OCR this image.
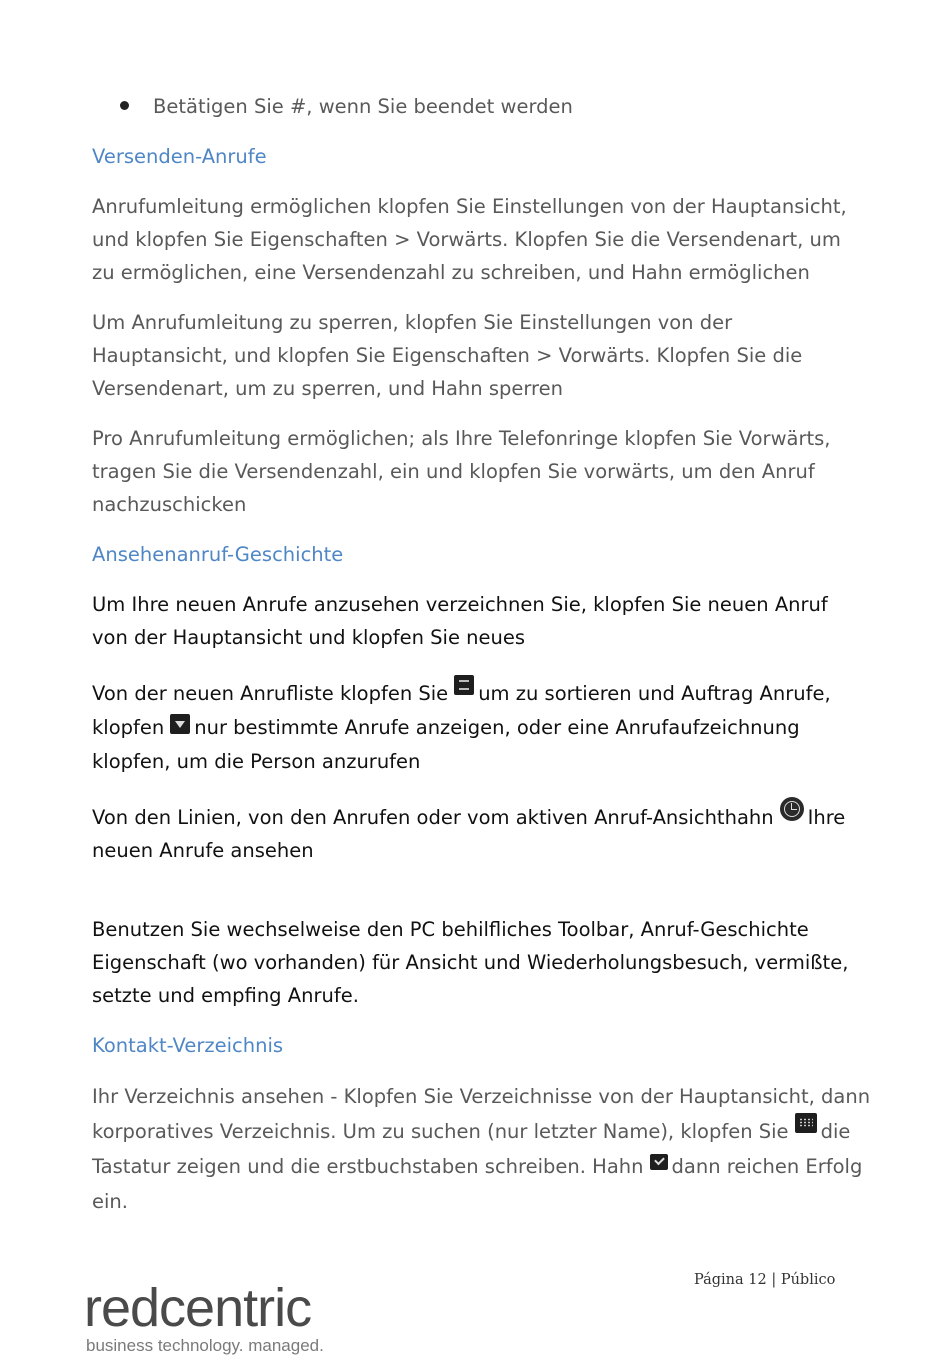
Betätigen Sie #, wenn Sie beendet werden
Versenden-Anrufe
Anrufumleitung ermöglichen klopfen Sie Einstellungen von der Hauptansicht,
und klopfen Sie Eigenschaften > Vorwärts. Klopfen Sie die Versendenart, um
zu ermöglichen, eine Versendenzahl zu schreiben, und Hahn ermöglichen
Um Anrufumleitung zu sperren, klopfen Sie Einstellungen von der
Hauptansicht, und klopfen Sie Eigenschaften > Vorwärts. Klopfen Sie die
Versendenart, um zu sperren, und Hahn sperren
Pro Anrufumleitung ermöglichen; als Ihre Telefonringe klopfen Sie Vorwärts,
tragen Sie die Versendenzahl, ein und klopfen Sie vorwärts, um den Anruf
nachzuschicken
Ansehenanruf-Geschichte
Um Ihre neuen Anrufe anzusehen verzeichnen Sie, klopfen Sie neuen Anruf
von der Hauptansicht und klopfen Sie neues
Von der neuen Anrufliste klopfen Sie um zu sortieren und Auftrag Anrufe,
klopfen nur bestimmte Anrufe anzeigen, oder eine Anrufaufzeichnung
klopfen, um die Person anzurufen
Von den Linien, von den Anrufen oder vom aktiven Anruf-Ansichthahn Ihre
neuen Anrufe ansehen
Benutzen Sie wechselweise den PC behilfliches Toolbar, Anruf-Geschichte
Eigenschaft (wo vorhanden) für Ansicht und Wiederholungsbesuch, vermißte,
setzte und empfing Anrufe.
Kontakt-Verzeichnis
Ihr Verzeichnis ansehen - Klopfen Sie Verzeichnisse von der Hauptansicht, dann
korporatives Verzeichnis. Um zu suchen (nur letzter Name), klopfen Sie die
Tastatur zeigen und die erstbuchstaben schreiben. Hahn dann reichen Erfolg
ein.
Página 12 | Público
redcentric
business technology. managed.
